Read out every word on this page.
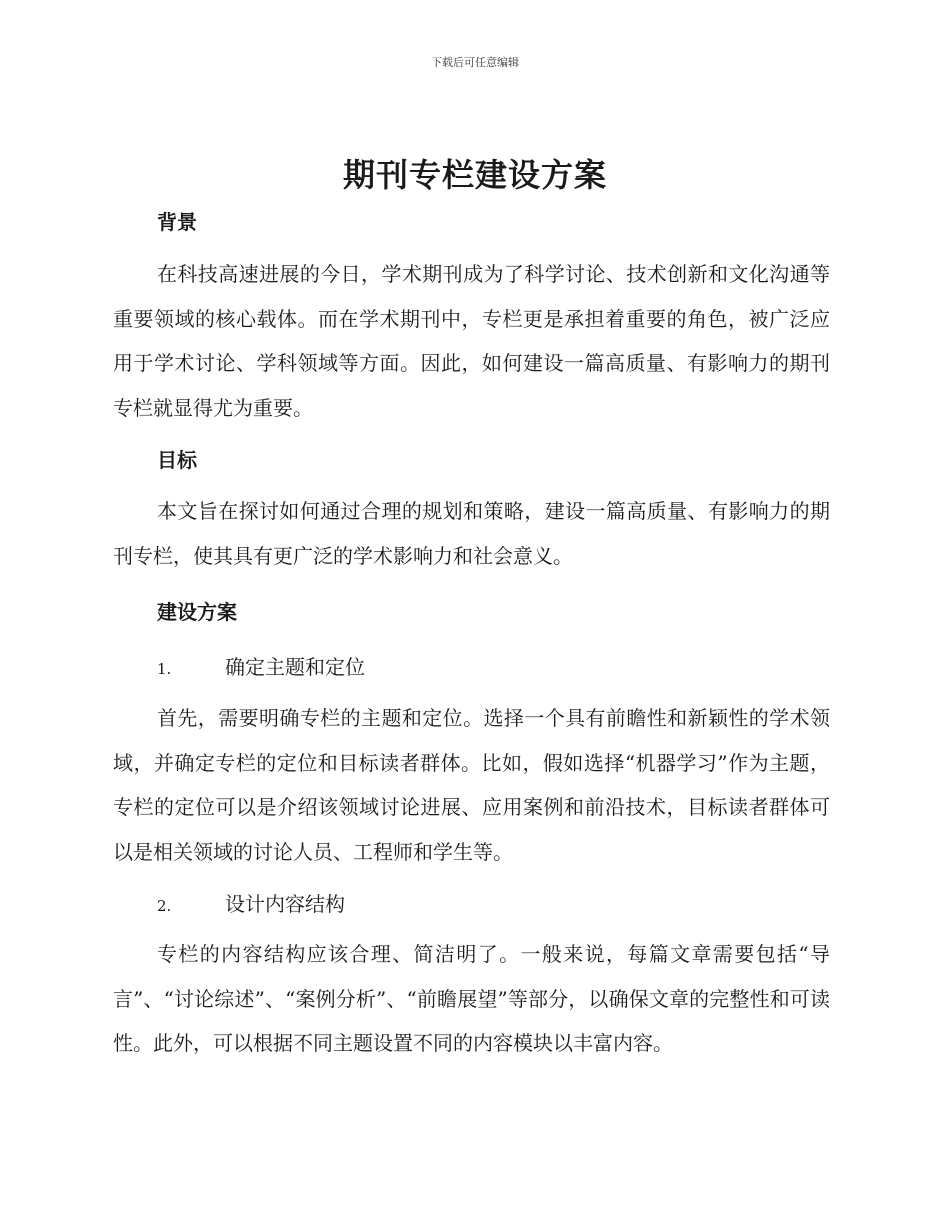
下载后可任意编辑
期刊专栏建设方案
背景

在科技高速进展的今日，学术期刊成为了科学讨论、技术创新和文化沟通等重要领域的核心载体。而在学术期刊中，专栏更是承担着重要的角色，被广泛应用于学术讨论、学科领域等方面。因此，如何建设一篇高质量、有影响力的期刊专栏就显得尤为重要。

目标

本文旨在探讨如何通过合理的规划和策略，建设一篇高质量、有影响力的期刊专栏，使其具有更广泛的学术影响力和社会意义。

建设方案
1.	确定主题和定位

首先，需要明确专栏的主题和定位。选择一个具有前瞻性和新颖性的学术领域，并确定专栏的定位和目标读者群体。比如，假如选择“机器学习”作为主题，专栏的定位可以是介绍该领域讨论进展、应用案例和前沿技术，目标读者群体可以是相关领域的讨论人员、工程师和学生等。

2.	设计内容结构

专栏的内容结构应该合理、简洁明了。一般来说，每篇文章需要包括“导言”、“讨论综述”、“案例分析”、“前瞻展望”等部分，以确保文章的完整性和可读性。此外，可以根据不同主题设置不同的内容模块以丰富内容。
